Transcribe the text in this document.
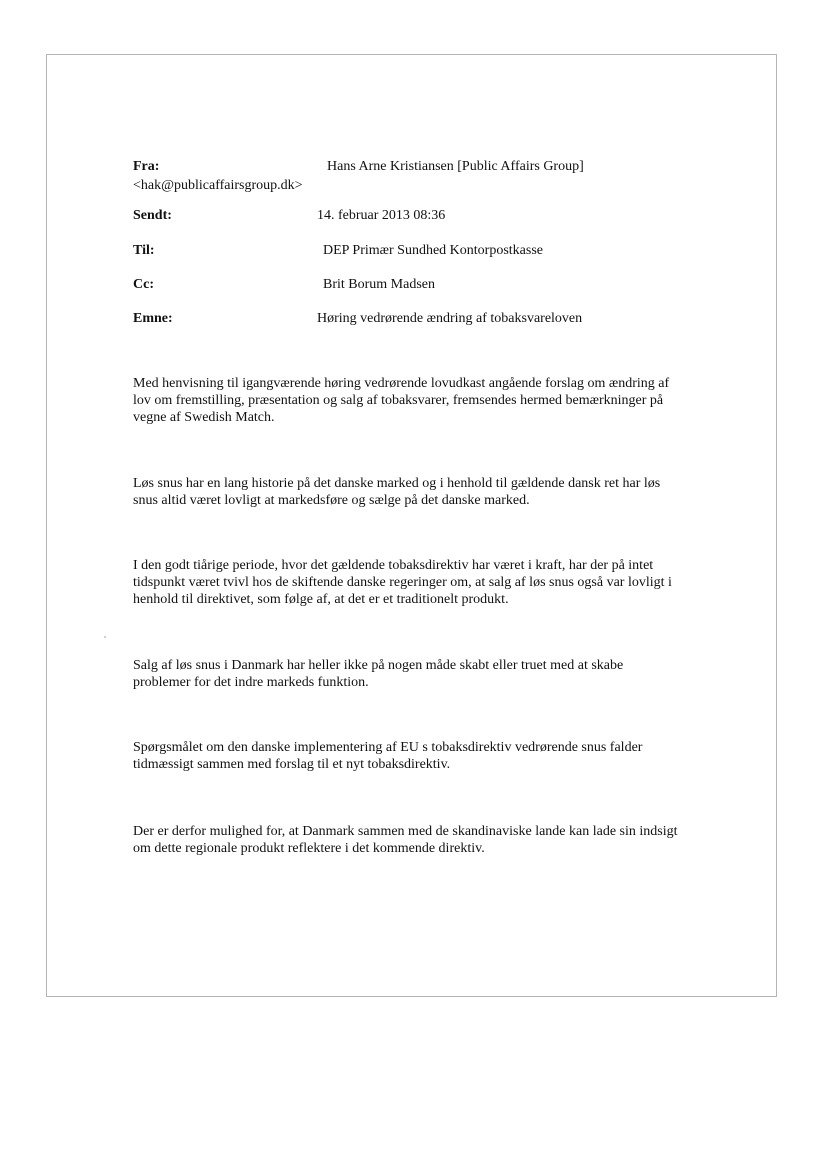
Fra:	Hans Arne Kristiansen [Public Affairs Group]
<hak@publicaffairsgroup.dk>
Sendt:	14. februar 2013 08:36
Til:	DEP Primær Sundhed Kontorpostkasse
Cc:	Brit Borum Madsen
Emne:	Høring vedrørende ændring af tobaksvareloven

Med henvisning til igangværende høring vedrørende lovudkast angående forslag om ændring af
lov om fremstilling, præsentation og salg af tobaksvarer, fremsendes hermed bemærkninger på
vegne af Swedish Match.

Løs snus har en lang historie på det danske marked og i henhold til gældende dansk ret har løs
snus altid været lovligt at markedsføre og sælge på det danske marked.

I den godt tiårige periode, hvor det gældende tobaksdirektiv har været i kraft, har der på intet
tidspunkt været tvivl hos de skiftende danske regeringer om, at salg af løs snus også var lovligt i
henhold til direktivet, som følge af, at det er et traditionelt produkt.

Salg af løs snus i Danmark har heller ikke på nogen måde skabt eller truet med at skabe
problemer for det indre markeds funktion.

Spørgsmålet om den danske implementering af EU s tobaksdirektiv vedrørende snus falder
tidmæssigt sammen med forslag til et nyt tobaksdirektiv.

Der er derfor mulighed for, at Danmark sammen med de skandinaviske lande kan lade sin indsigt
om dette regionale produkt reflektere i det kommende direktiv.
